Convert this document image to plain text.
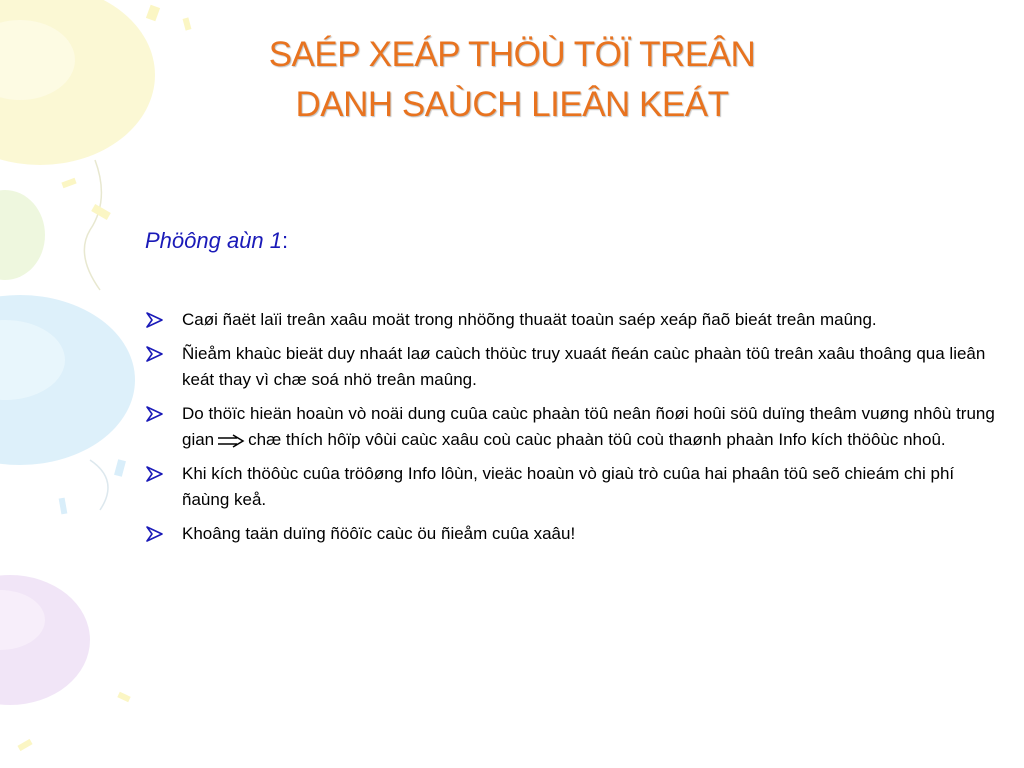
SAÉP XEÁP THÖÙ TÖÏ TREÂN
DANH SAÙCH LIEÂN KEÁT
Phöông aùn 1:
Caøi ñaët laïi treân xaâu moät trong nhöõng thuaät toaùn saép xeáp ñaõ bieát treân maûng.
Ñieåm khaùc bieät duy nhaát laø caùch thöùc truy xuaát ñeán caùc phaàn töû treân xaâu thoâng qua lieân keát thay vì chæ soá nhö treân maûng.
Do thöïc hieän hoaùn vò noäi dung cuûa caùc phaàn töû neân ñoøi hoûi söû duïng theâm vuøng nhôù trung gian chæ thích hôïp vôùi caùc xaâu coù caùc phaàn töû coù thaønh phaàn Info kích thöôùc nhoû.
Khi kích thöôùc cuûa tröôøng Info lôùn, vieäc hoaùn vò giaù trò cuûa hai phaân töû seõ chieám chi phí ñaùng keå.
Khoâng taän duïng ñöôïc caùc öu ñieåm cuûa xaâu!
